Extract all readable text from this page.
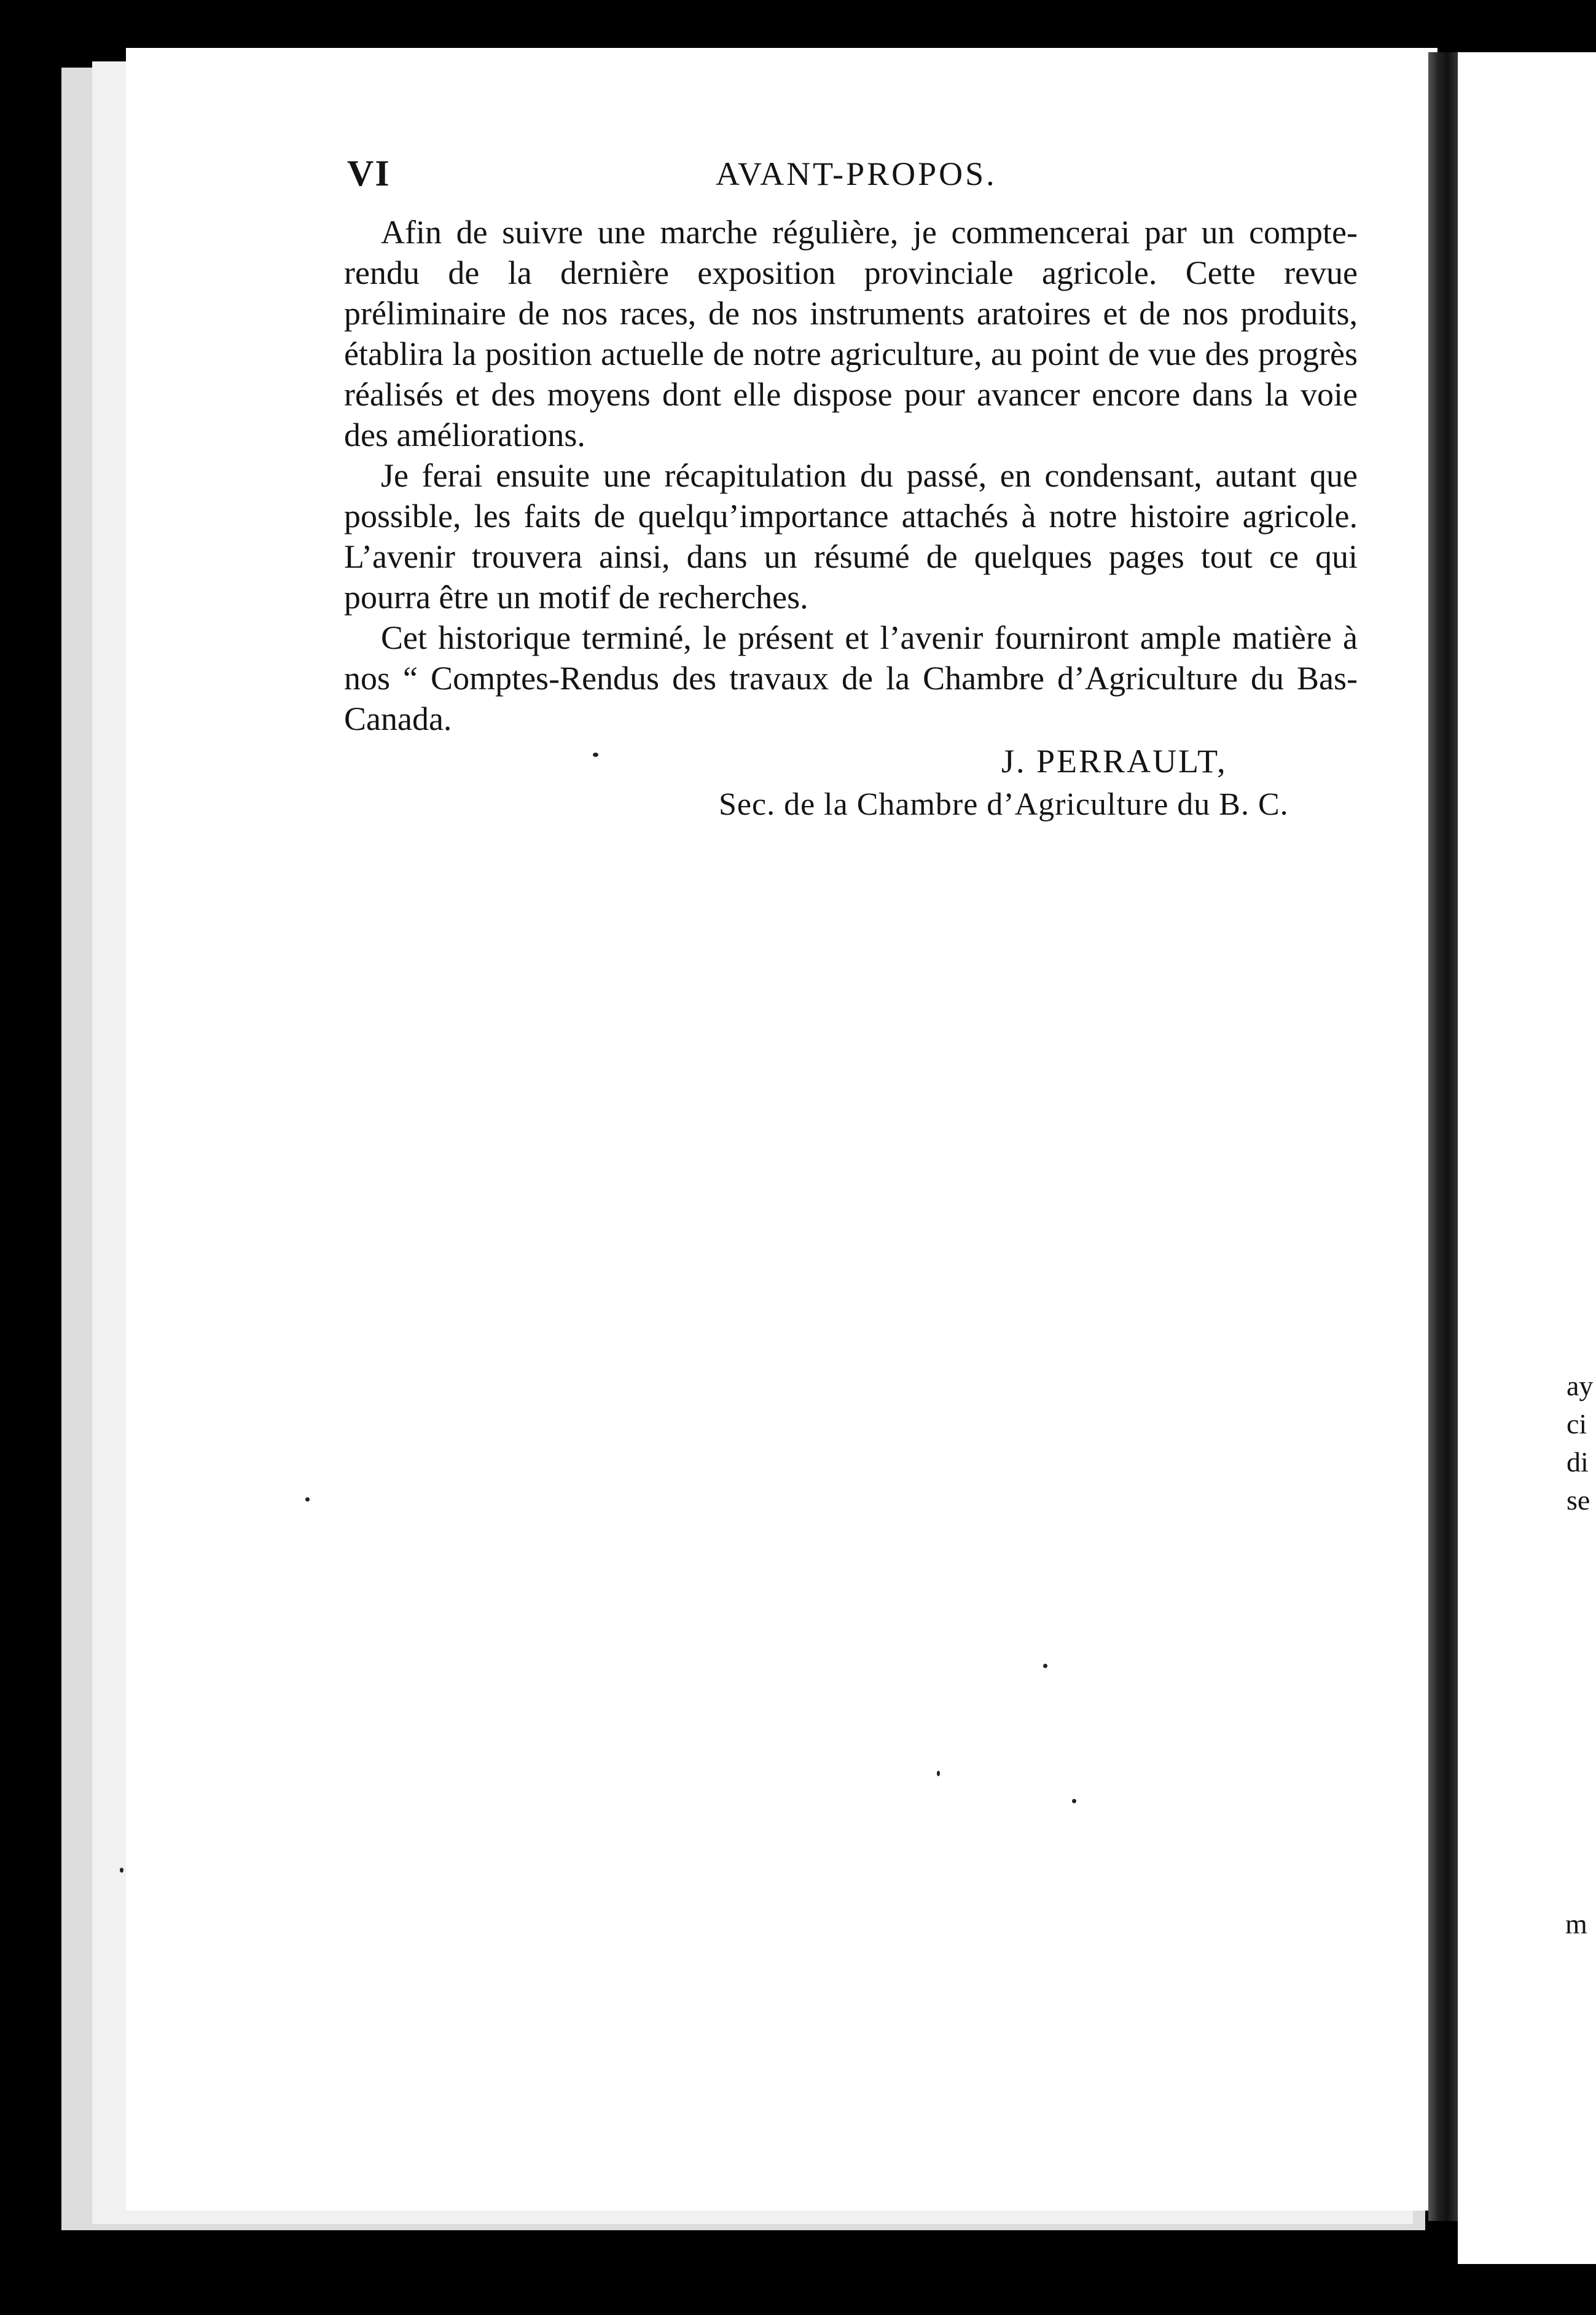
VI	AVANT-PROPOS.

Afin de suivre une marche régulière, je commencerai par un compte-rendu de la dernière exposition provinciale agricole. Cette revue préliminaire de nos races, de nos instruments aratoires et de nos produits, établira la position actuelle de notre agriculture, au point de vue des progrès réalisés et des moyens dont elle dispose pour avancer encore dans la voie des améliorations.

Je ferai ensuite une récapitulation du passé, en condensant, autant que possible, les faits de quelqu’importance attachés à notre histoire agricole. L’avenir trouvera ainsi, dans un résumé de quelques pages tout ce qui pourra être un motif de recherches.

Cet historique terminé, le présent et l’avenir fourniront ample matière à nos “ Comptes-Rendus des travaux de la Chambre d’Agriculture du Bas-Canada.

J. PERRAULT,
Sec. de la Chambre d’Agriculture du B. C.
ay
ci
di
se
m
